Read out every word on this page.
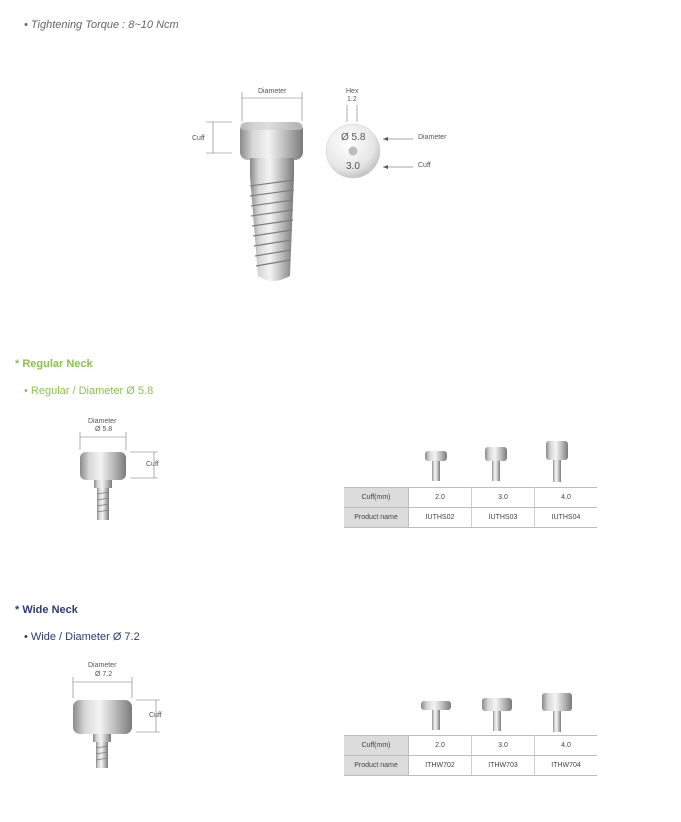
• Tightening Torque : 8~10 Ncm
Diameter
Cuff
Hex
1.2
Ø 5.8
3.0
Diameter
Cuff
* Regular Neck
• Regular / Diameter Ø 5.8
Diameter
Ø 5.8
Cuff
Cuff(mm)	2.0	3.0	4.0
Product name	IUTHS02	IUTHS03	IUTHS04
* Wide Neck
• Wide / Diameter Ø 7.2
Diameter
Ø 7.2
Cuff
Cuff(mm)	2.0	3.0	4.0
Product name	ITHW702	ITHW703	ITHW704
